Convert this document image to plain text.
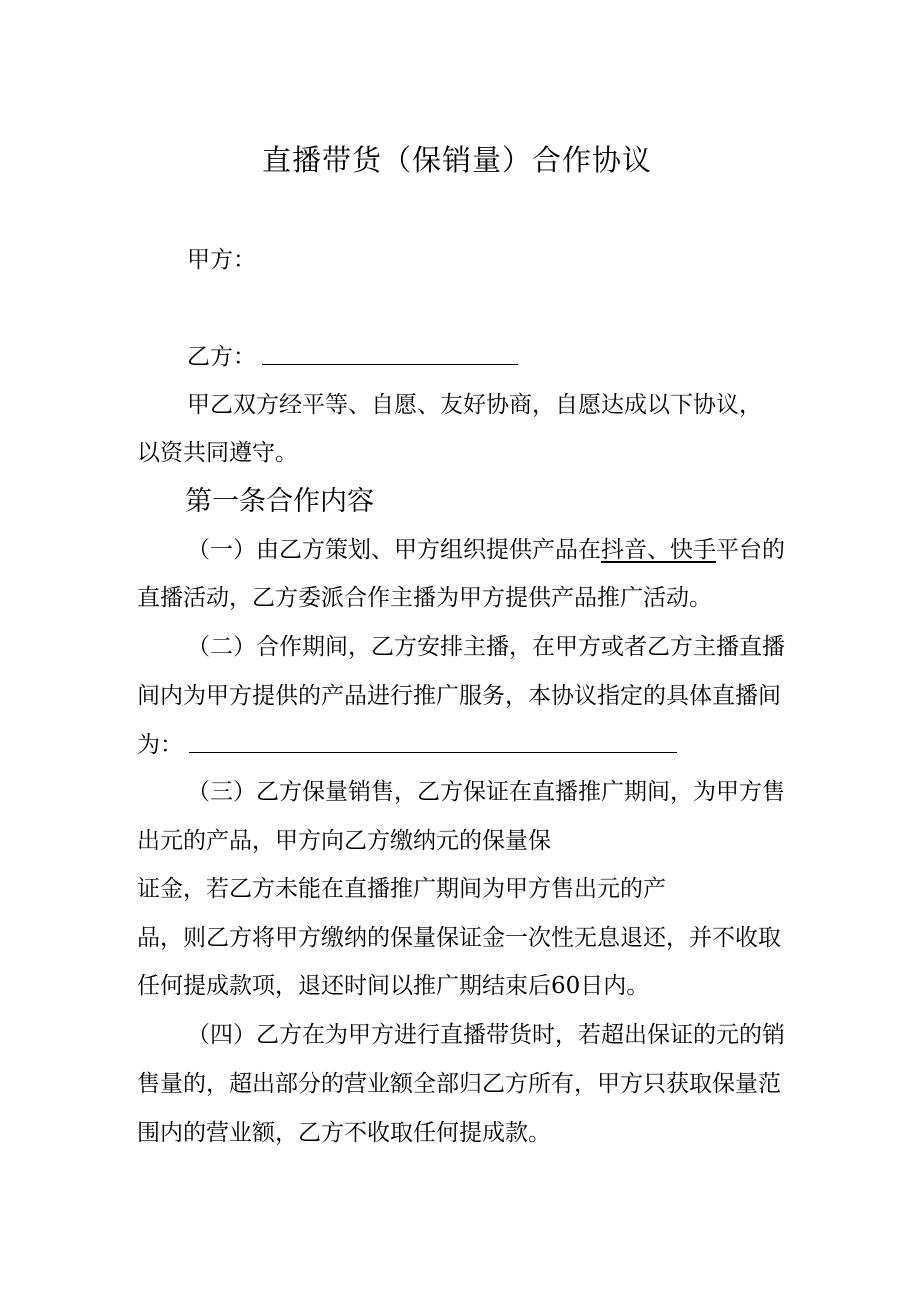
直播带货（保销量）合作协议
甲方：
乙方：
甲乙双方经平等、自愿、友好协商，自愿达成以下协议，
以资共同遵守。
第一条合作内容
（一）由乙方策划、甲方组织提供产品在抖音、快手平台的
直播活动，乙方委派合作主播为甲方提供产品推广活动。
（二）合作期间，乙方安排主播，在甲方或者乙方主播直播
间内为甲方提供的产品进行推广服务，本协议指定的具体直播间
为：
（三）乙方保量销售，乙方保证在直播推广期间，为甲方售
出元的产品，甲方向乙方缴纳元的保量保
证金，若乙方未能在直播推广期间为甲方售出元的产
品，则乙方将甲方缴纳的保量保证金一次性无息退还，并不收取
任何提成款项，退还时间以推广期结束后60日内。
（四）乙方在为甲方进行直播带货时，若超出保证的元的销
售量的，超出部分的营业额全部归乙方所有，甲方只获取保量范
围内的营业额，乙方不收取任何提成款。
